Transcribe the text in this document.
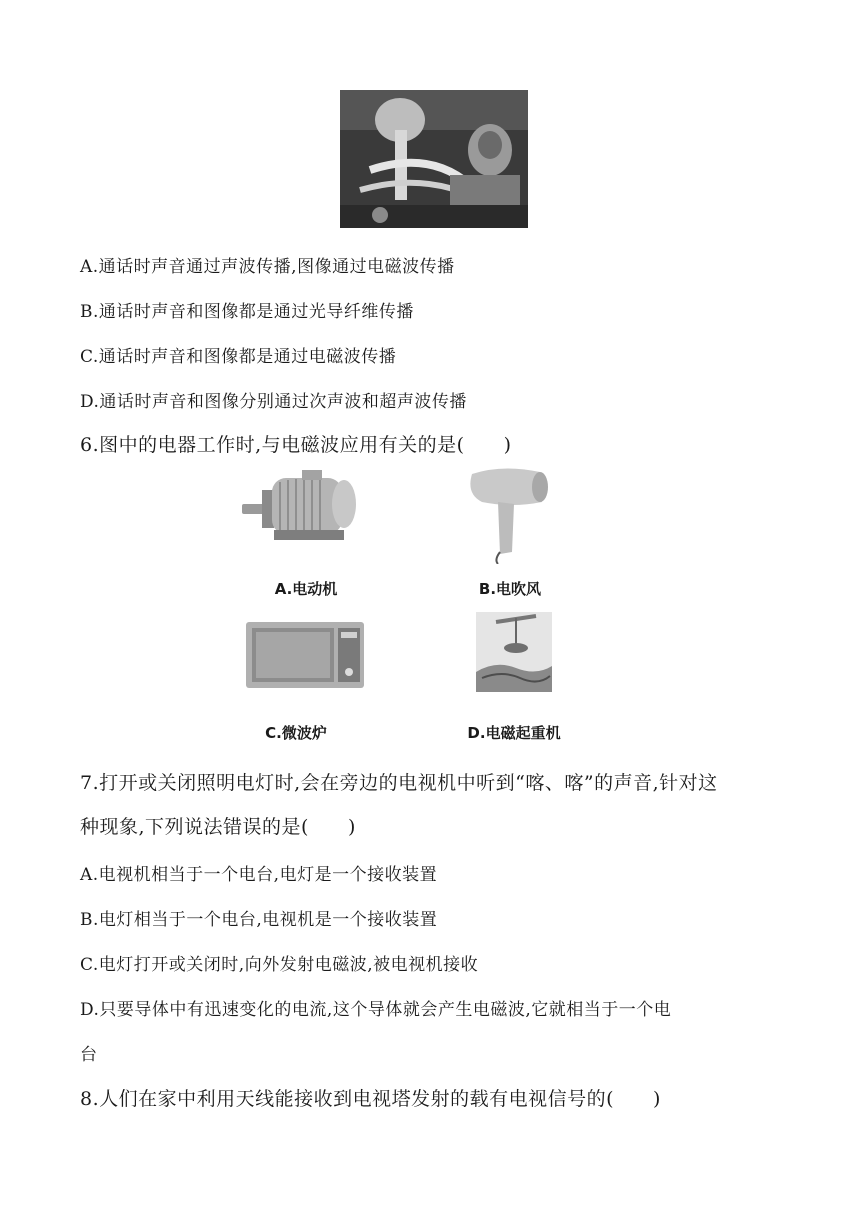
A.通话时声音通过声波传播,图像通过电磁波传播
B.通话时声音和图像都是通过光导纤维传播
C.通话时声音和图像都是通过电磁波传播
D.通话时声音和图像分别通过次声波和超声波传播
6.图中的电器工作时,与电磁波应用有关的是(　　)
A.电动机	B.电吹风
C.微波炉	D.电磁起重机
7.打开或关闭照明电灯时,会在旁边的电视机中听到“喀、喀”的声音,针对这
种现象,下列说法错误的是(　　)
A.电视机相当于一个电台,电灯是一个接收装置
B.电灯相当于一个电台,电视机是一个接收装置
C.电灯打开或关闭时,向外发射电磁波,被电视机接收
D.只要导体中有迅速变化的电流,这个导体就会产生电磁波,它就相当于一个电
台
8.人们在家中利用天线能接收到电视塔发射的载有电视信号的(　　)
